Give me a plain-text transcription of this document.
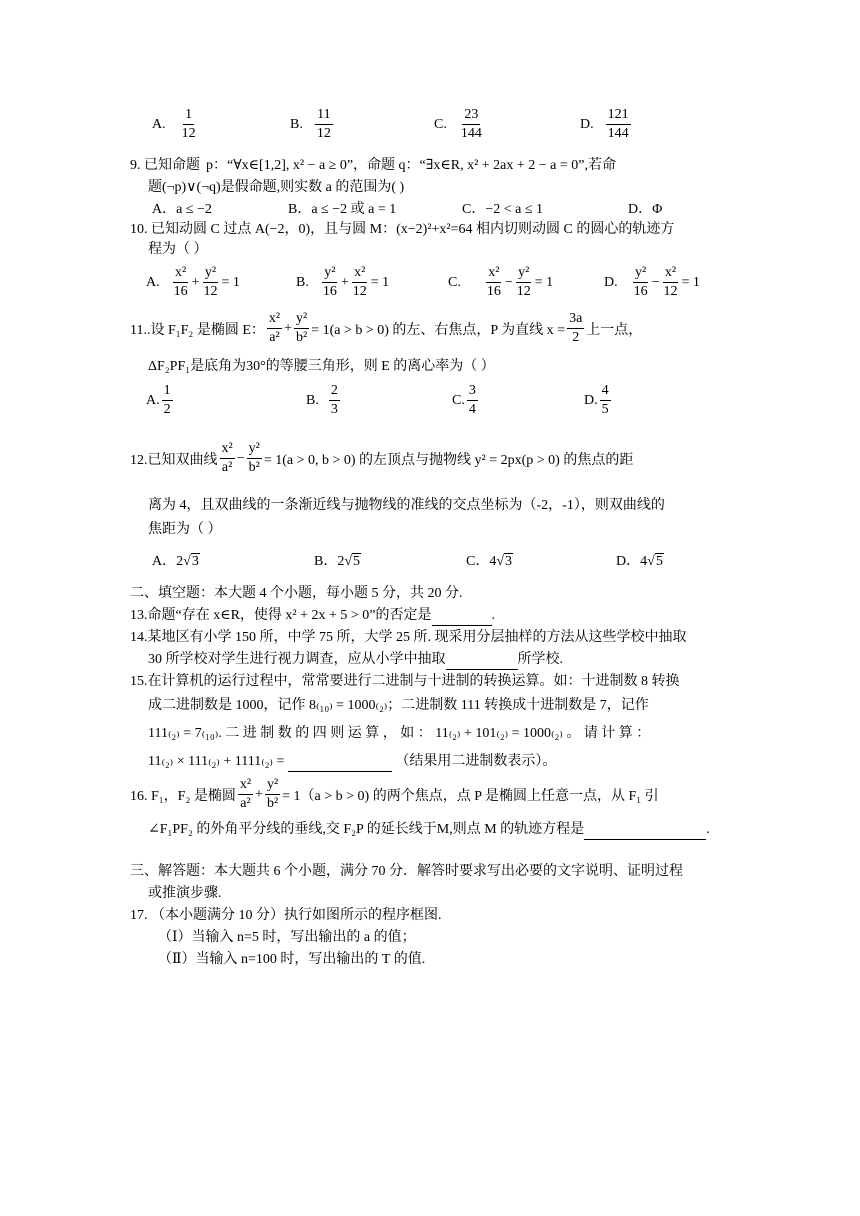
A. $\frac{1}{12}$	B. $\frac{11}{12}$	C. $\frac{23}{144}$	D. $\frac{121}{144}$
9. 已知命题 p：“∀x∈[1,2], x² − a ≥ 0”，命题 q：“∃x∈R, x² + 2ax + 2 − a = 0”,若命
题(¬p)∨(¬q)是假命题,则实数 a 的范围为( )
A．a ≤ −2	B．a ≤ −2 或 a = 1	C．−2 < a ≤ 1	D．Φ
10. 已知动圆 C 过点 A(−2，0)，且与圆 M：(x−2)²+x²=64 相内切则动圆 C 的圆心的轨迹方
程为（ ）
A. $\frac{\text{x²}}{16} + \frac{\text{y²}}{12} = 1$	B. $\frac{\text{y²}}{16} + \frac{\text{x²}}{12} = 1$	C. $\frac{\text{x²}}{16} - \frac{\text{y²}}{12} = 1$	D. $\frac{\text{y²}}{16} - \frac{\text{x²}}{12} = 1$
11..设 F₁F₂ 是椭圆 E： $\frac{\text{x²}}{\text{a²}} + \frac{\text{y²}}{\text{b²}} = 1(a > b > 0)$ 的左、右焦点，P 为直线 $x = \frac{3a}{2}$ 上一点，
ΔF₂PF₁是底角为30°的等腰三角形，则 E 的离心率为（ ）
A. $\frac{1}{2}$	B. $\frac{2}{3}$	C. $\frac{3}{4}$	D. $\frac{4}{5}$
12.已知双曲线 $\frac{\text{x²}}{\text{a²}} - \frac{\text{y²}}{\text{b²}} = 1(a > 0$, b > 0) 的左顶点与抛物线 y² = 2px(p > 0) 的焦点的距
离为 4，且双曲线的一条渐近线与抛物线的准线的交点坐标为（-2，-1），则双曲线的
焦距为（ ）
A．2√3	B．2√5	C．4√3	D．4√5
二、填空题：本大题 4 个小题，每小题 5 分，共 20 分.
13.命题“存在 x∈R，使得 x² + 2x + 5 > 0”的否定是	.
14.某地区有小学 150 所，中学 75 所，大学 25 所. 现采用分层抽样的方法从这些学校中抽取
30 所学校对学生进行视力调查，应从小学中抽取	所学校.
15.在计算机的运行过程中，常常要进行二进制与十进制的转换运算。如：十进制数 8 转换
成二进制数是 1000，记作 8₍₁₀₎ = 1000₍₂₎；二进制数 111 转换成十进制数是 7，记作
111₍₂₎ = 7₍₁₀₎. 二 进 制 数 的 四 则 运 算 ， 如 ： 11₍₂₎ + 101₍₂₎ = 1000₍₂₎ 。 请 计 算 ：
11₍₂₎ × 111₍₂₎ + 1111₍₂₎ =	（结果用二进制数表示）。
16. F₁，F₂ 是椭圆 $\frac{\text{x²}}{\text{a²}} + \frac{\text{y²}}{\text{b²}} = 1(a > b > 0)$ 的两个焦点，点 P 是椭圆上任意一点，从 F₁ 引
∠F₁PF₂ 的外角平分线的垂线,交 F₂P 的延长线于M,则点 M 的轨迹方程是	.
三、解答题：本大题共 6 个小题，满分 70 分．解答时要求写出必要的文字说明、证明过程
或推演步骤.
17. （本小题满分 10 分）执行如图所示的程序框图.
（Ⅰ）当输入 n=5 时，写出输出的 a 的值；
（Ⅱ）当输入 n=100 时，写出输出的 T 的值.
